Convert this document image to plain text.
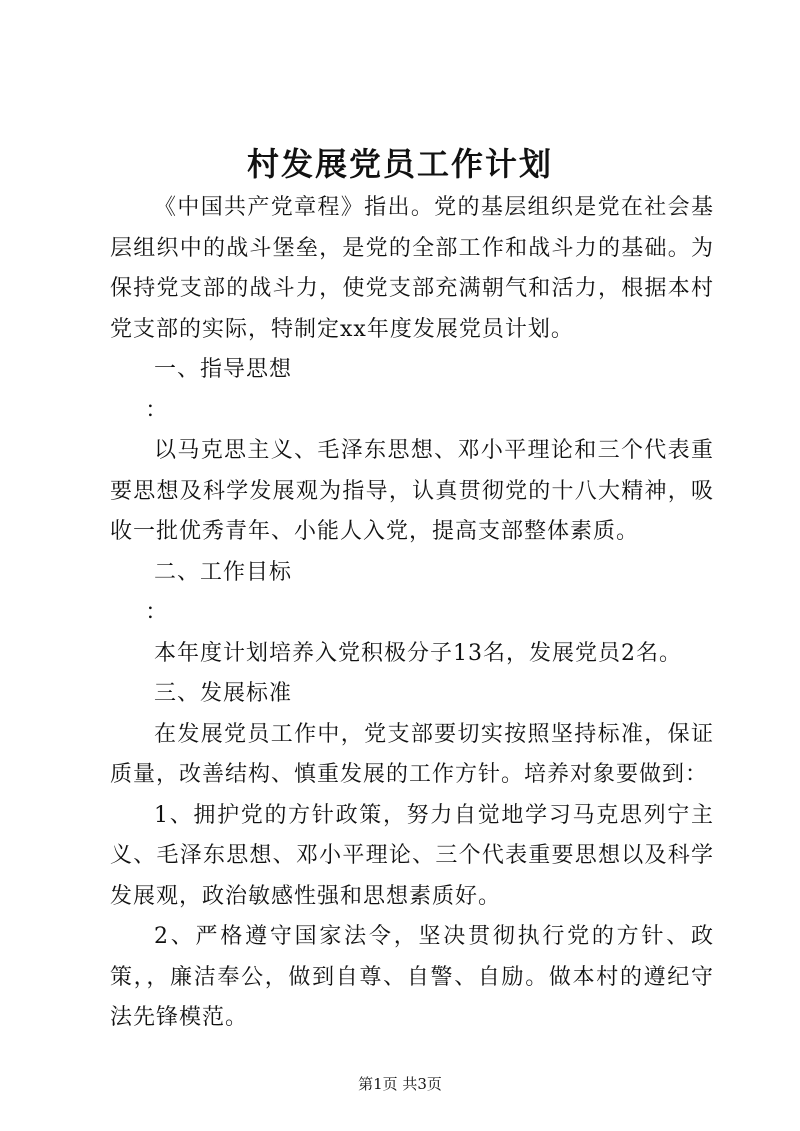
村发展党员工作计划

《中国共产党章程》指出。党的基层组织是党在社会基层组织中的战斗堡垒，是党的全部工作和战斗力的基础。为保持党支部的战斗力，使党支部充满朝气和活力，根据本村党支部的实际，特制定xx年度发展党员计划。

一、指导思想

：

以马克思主义、毛泽东思想、邓小平理论和三个代表重要思想及科学发展观为指导，认真贯彻党的十八大精神，吸收一批优秀青年、小能人入党，提高支部整体素质。

二、工作目标

：

本年度计划培养入党积极分子13名，发展党员2名。

三、发展标准

在发展党员工作中，党支部要切实按照坚持标准，保证质量，改善结构、慎重发展的工作方针。培养对象要做到：

1、拥护党的方针政策，努力自觉地学习马克思列宁主义、毛泽东思想、邓小平理论、三个代表重要思想以及科学发展观，政治敏感性强和思想素质好。

2、严格遵守国家法令，坚决贯彻执行党的方针、政策，，廉洁奉公，做到自尊、自警、自励。做本村的遵纪守法先锋模范。

第1页 共3页
